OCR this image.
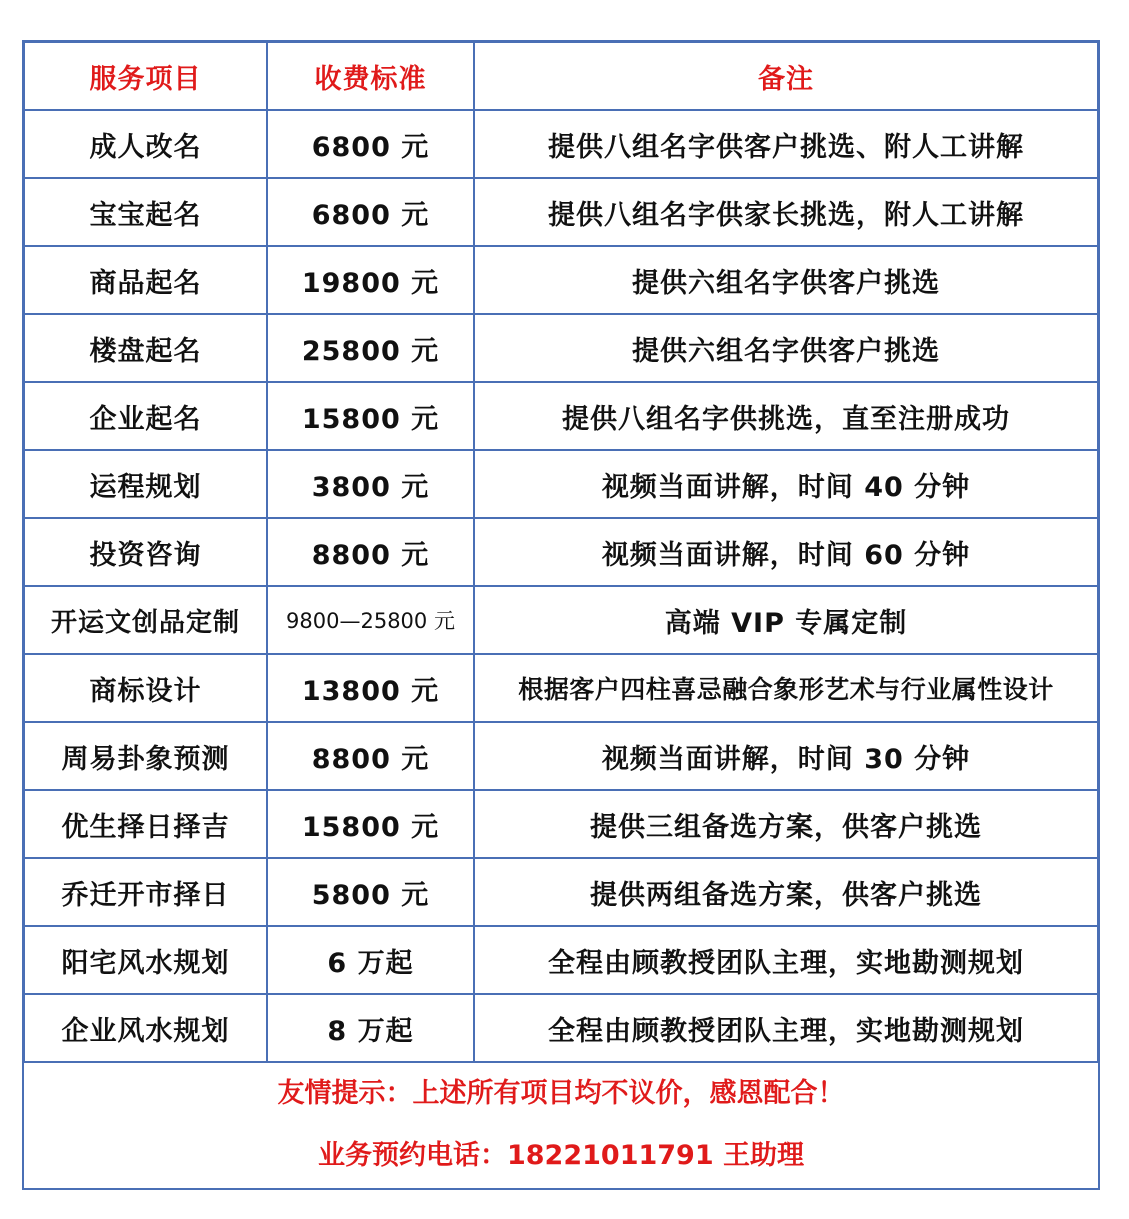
服务项目	收费标准	备注
成人改名	6800 元	提供八组名字供客户挑选、附人工讲解
宝宝起名	6800 元	提供八组名字供家长挑选，附人工讲解
商品起名	19800 元	提供六组名字供客户挑选
楼盘起名	25800 元	提供六组名字供客户挑选
企业起名	15800 元	提供八组名字供挑选，直至注册成功
运程规划	3800 元	视频当面讲解，时间 40 分钟
投资咨询	8800 元	视频当面讲解，时间 60 分钟
开运文创品定制	9800—25800 元	高端 VIP 专属定制
商标设计	13800 元	根据客户四柱喜忌融合象形艺术与行业属性设计
周易卦象预测	8800 元	视频当面讲解，时间 30 分钟
优生择日择吉	15800 元	提供三组备选方案，供客户挑选
乔迁开市择日	5800 元	提供两组备选方案，供客户挑选
阳宅风水规划	6 万起	全程由顾教授团队主理，实地勘测规划
企业风水规划	8 万起	全程由顾教授团队主理，实地勘测规划
友情提示：上述所有项目均不议价，感恩配合！
业务预约电话：18221011791 王助理
